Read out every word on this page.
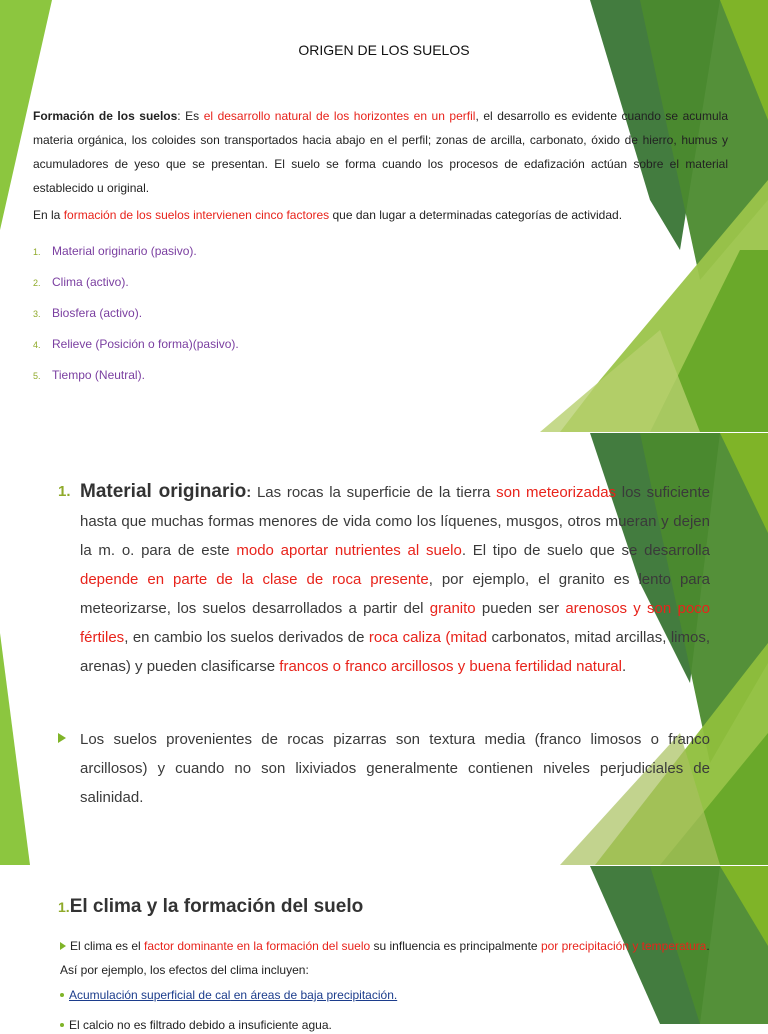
ORIGEN DE LOS SUELOS
Formación de los suelos: Es el desarrollo natural de los horizontes en un perfil, el desarrollo es evidente cuando se acumula materia orgánica, los coloides son transportados hacia abajo en el perfil; zonas de arcilla, carbonato, óxido de hierro, humus y acumuladores de yeso que se presentan. El suelo se forma cuando los procesos de edafización actúan sobre el material establecido u original.
En la formación de los suelos intervienen cinco factores que dan lugar a determinadas categorías de actividad.
1. Material originario (pasivo).
2. Clima (activo).
3. Biosfera (activo).
4. Relieve (Posición o forma)(pasivo).
5. Tiempo (Neutral).
1. Material originario: Las rocas la superficie de la tierra son meteorizadas los suficiente hasta que muchas formas menores de vida como los líquenes, musgos, otros mueran y dejen la m. o. para de este modo aportar nutrientes al suelo. El tipo de suelo que se desarrolla depende en parte de la clase de roca presente, por ejemplo, el granito es lento para meteorizarse, los suelos desarrollados a partir del granito pueden ser arenosos y son poco fértiles, en cambio los suelos derivados de roca caliza (mitad carbonatos, mitad arcillas, limos, arenas) y pueden clasificarse francos o franco arcillosos y buena fertilidad natural.
Los suelos provenientes de rocas pizarras son textura media (franco limosos o franco arcillosos) y cuando no son lixiviados generalmente contienen niveles perjudiciales de salinidad.
1.El clima y la formación del suelo
El clima es el factor dominante en la formación del suelo su influencia es principalmente por precipitación y temperatura. Así por ejemplo, los efectos del clima incluyen:
Acumulación superficial de cal en áreas de baja precipitación.
El calcio no es filtrado debido a insuficiente agua.
